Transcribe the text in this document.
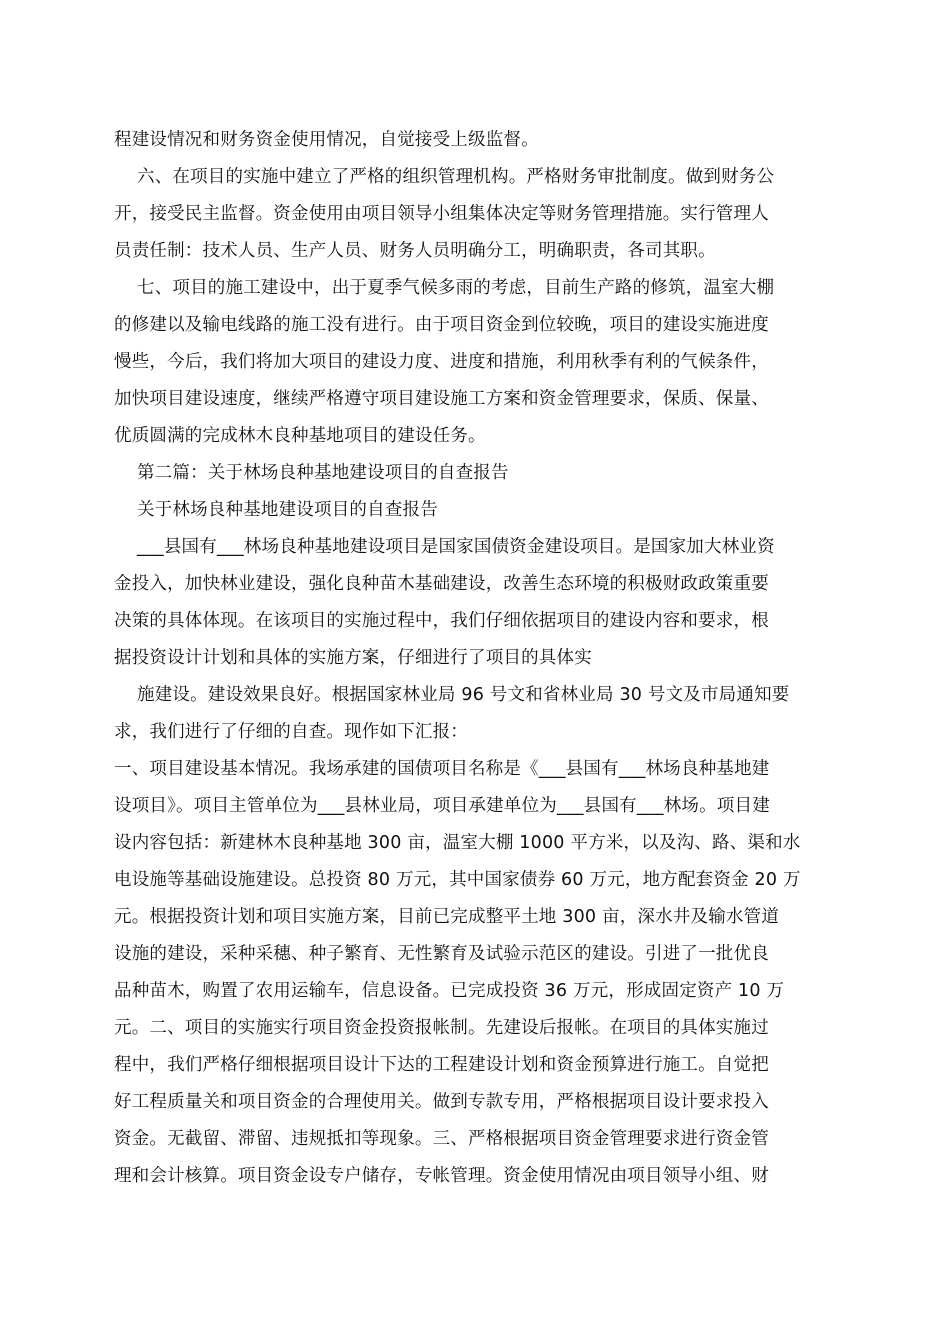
程建设情况和财务资金使用情况，自觉接受上级监督。
六、在项目的实施中建立了严格的组织管理机构。严格财务审批制度。做到财务公
开，接受民主监督。资金使用由项目领导小组集体决定等财务管理措施。实行管理人
员责任制：技术人员、生产人员、财务人员明确分工，明确职责，各司其职。
七、项目的施工建设中，出于夏季气候多雨的考虑，目前生产路的修筑，温室大棚
的修建以及输电线路的施工没有进行。由于项目资金到位较晚，项目的建设实施进度
慢些，今后，我们将加大项目的建设力度、进度和措施，利用秋季有利的气候条件，
加快项目建设速度，继续严格遵守项目建设施工方案和资金管理要求，保质、保量、
优质圆满的完成林木良种基地项目的建设任务。
第二篇：关于林场良种基地建设项目的自查报告
关于林场良种基地建设项目的自查报告
___县国有___林场良种基地建设项目是国家国债资金建设项目。是国家加大林业资
金投入，加快林业建设，强化良种苗木基础建设，改善生态环境的积极财政政策重要
决策的具体体现。在该项目的实施过程中，我们仔细依据项目的建设内容和要求，根
据投资设计计划和具体的实施方案，仔细进行了项目的具体实
施建设。建设效果良好。根据国家林业局 96 号文和省林业局 30 号文及市局通知要
求，我们进行了仔细的自查。现作如下汇报：
一、项目建设基本情况。我场承建的国债项目名称是《___县国有___林场良种基地建
设项目》。项目主管单位为___县林业局，项目承建单位为___县国有___林场。项目建
设内容包括：新建林木良种基地 300 亩，温室大棚 1000 平方米，以及沟、路、渠和水
电设施等基础设施建设。总投资 80 万元，其中国家债券 60 万元，地方配套资金 20 万
元。根据投资计划和项目实施方案，目前已完成整平土地 300 亩，深水井及输水管道
设施的建设，采种采穗、种子繁育、无性繁育及试验示范区的建设。引进了一批优良
品种苗木，购置了农用运输车，信息设备。已完成投资 36 万元，形成固定资产 10 万
元。二、项目的实施实行项目资金投资报帐制。先建设后报帐。在项目的具体实施过
程中，我们严格仔细根据项目设计下达的工程建设计划和资金预算进行施工。自觉把
好工程质量关和项目资金的合理使用关。做到专款专用，严格根据项目设计要求投入
资金。无截留、滞留、违规抵扣等现象。三、严格根据项目资金管理要求进行资金管
理和会计核算。项目资金设专户储存，专帐管理。资金使用情况由项目领导小组、财
